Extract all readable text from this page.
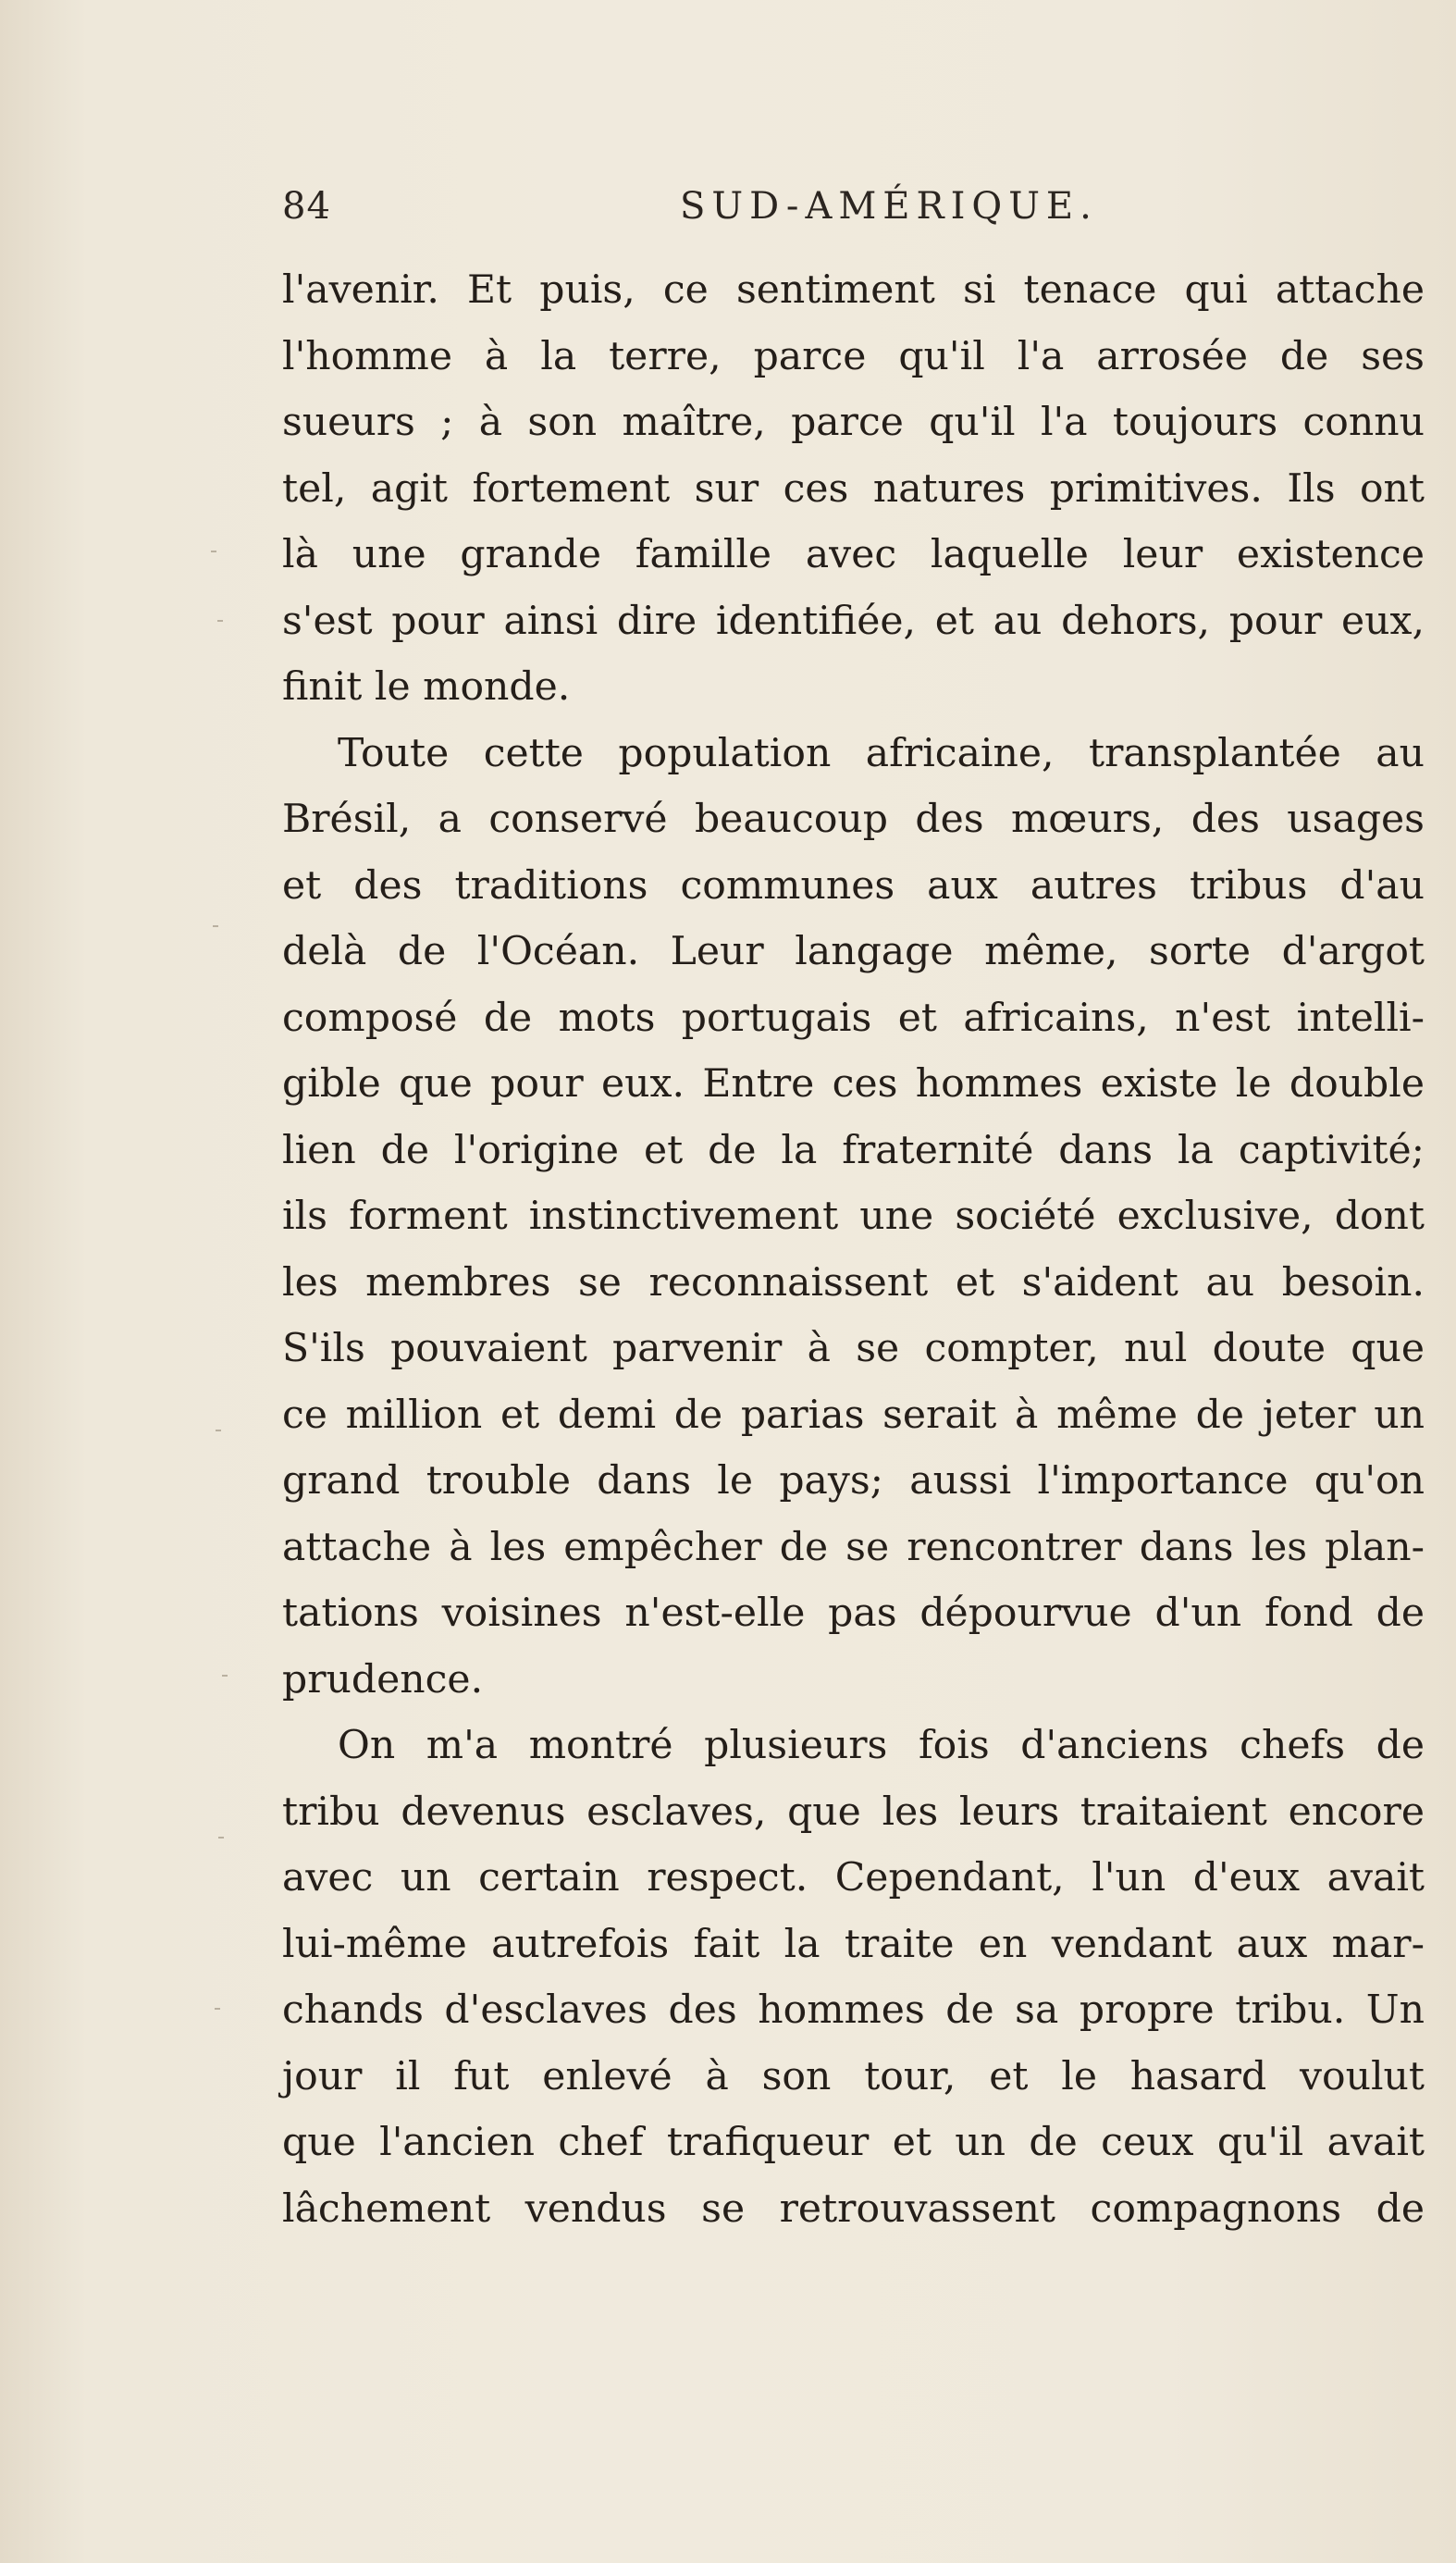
84	SUD-AMÉRIQUE.
l'avenir. Et puis, ce sentiment si tenace qui attache
l'homme à la terre, parce qu'il l'a arrosée de ses
sueurs ; à son maître, parce qu'il l'a toujours connu
tel, agit fortement sur ces natures primitives. Ils ont
là une grande famille avec laquelle leur existence
s'est pour ainsi dire identifiée, et au dehors, pour eux,
finit le monde.
Toute cette population africaine, transplantée au
Brésil, a conservé beaucoup des mœurs, des usages
et des traditions communes aux autres tribus d'au
delà de l'Océan. Leur langage même, sorte d'argot
composé de mots portugais et africains, n'est intelli-
gible que pour eux. Entre ces hommes existe le double
lien de l'origine et de la fraternité dans la captivité;
ils forment instinctivement une société exclusive, dont
les membres se reconnaissent et s'aident au besoin.
S'ils pouvaient parvenir à se compter, nul doute que
ce million et demi de parias serait à même de jeter un
grand trouble dans le pays; aussi l'importance qu'on
attache à les empêcher de se rencontrer dans les plan-
tations voisines n'est-elle pas dépourvue d'un fond de
prudence.
On m'a montré plusieurs fois d'anciens chefs de
tribu devenus esclaves, que les leurs traitaient encore
avec un certain respect. Cependant, l'un d'eux avait
lui-même autrefois fait la traite en vendant aux mar-
chands d'esclaves des hommes de sa propre tribu. Un
jour il fut enlevé à son tour, et le hasard voulut
que l'ancien chef trafiqueur et un de ceux qu'il avait
lâchement vendus se retrouvassent compagnons de
